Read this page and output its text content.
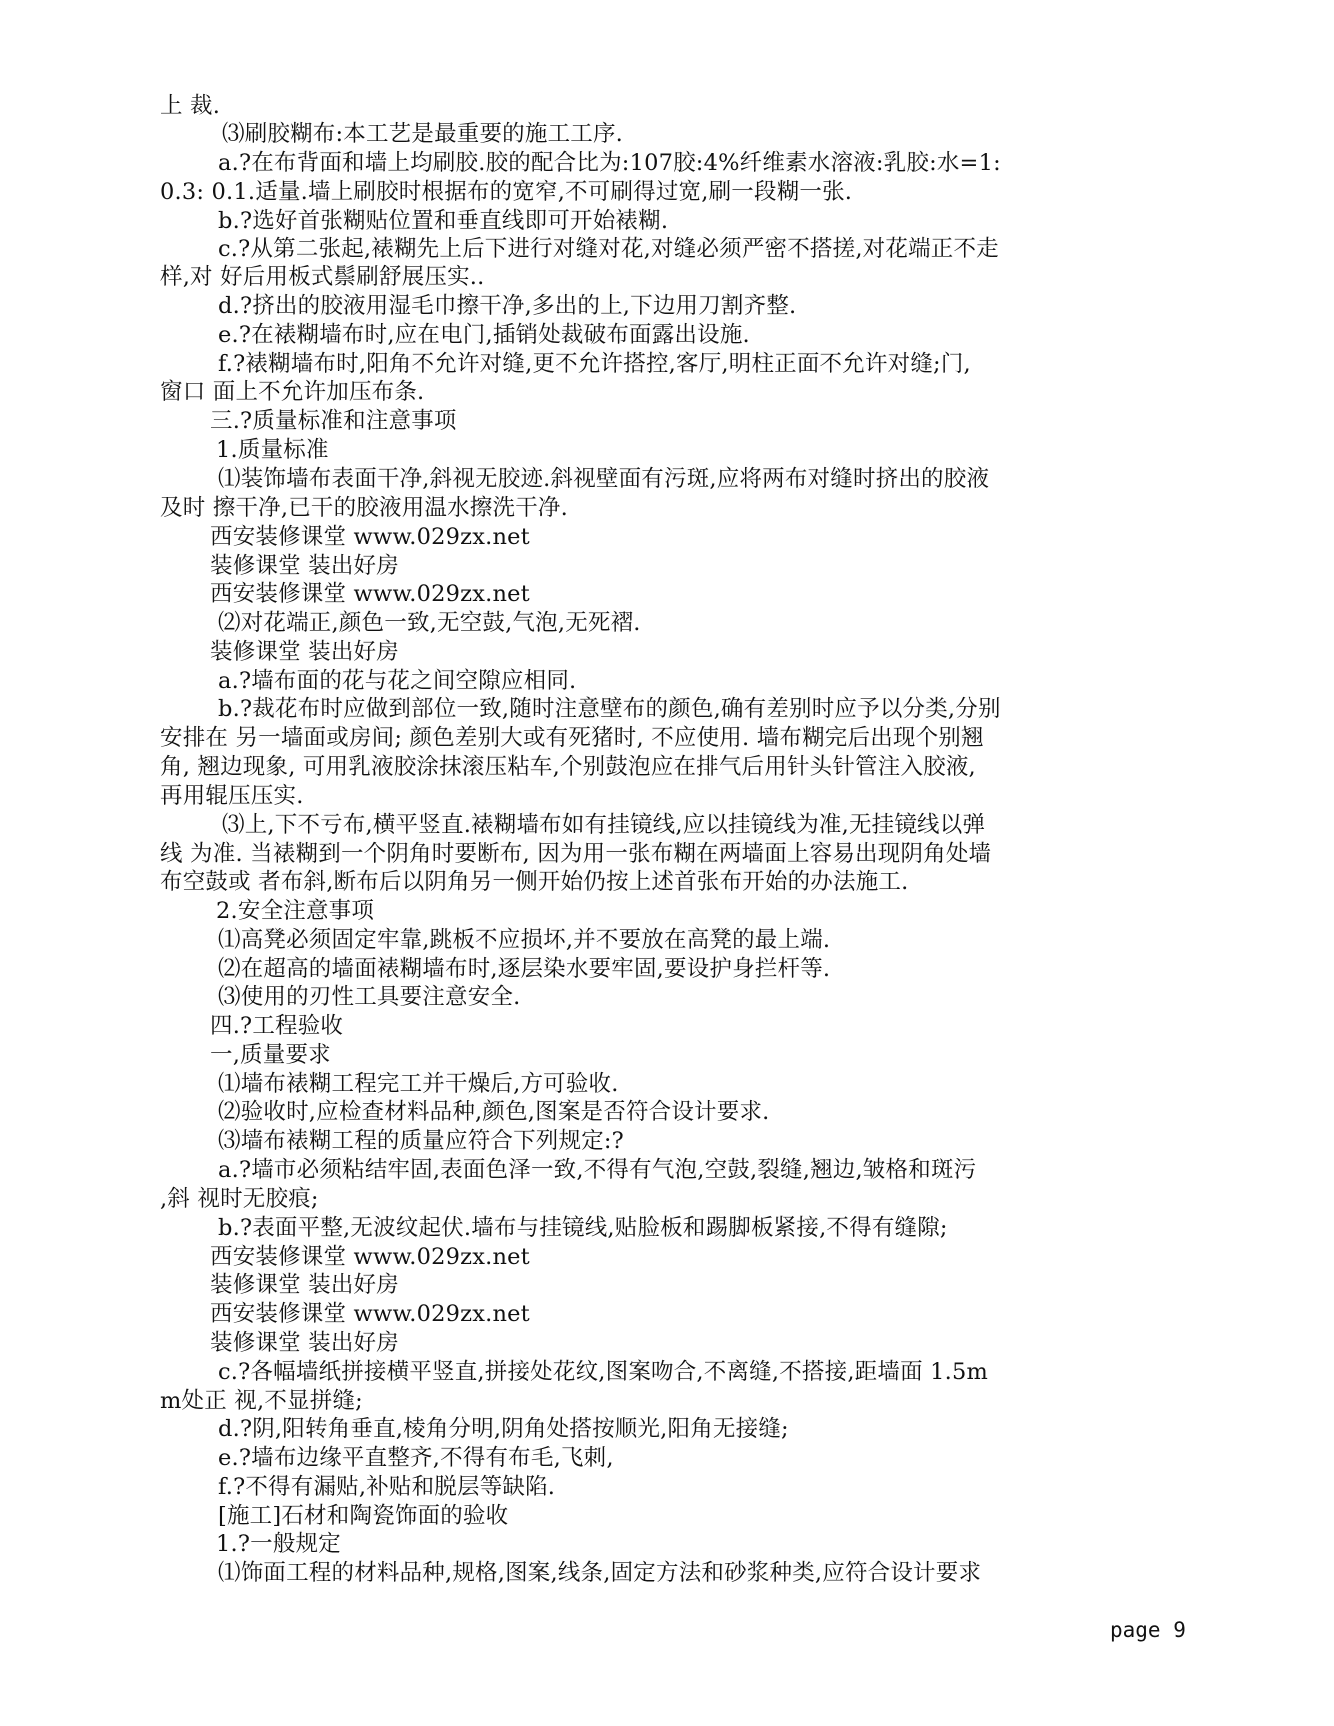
上 裁.
⑶刷胶糊布:本工艺是最重要的施工工序.
a.?在布背面和墙上均刷胶.胶的配合比为:107胶:4%纤维素水溶液:乳胶:水=1:
0.3: 0.1.适量.墙上刷胶时根据布的宽窄,不可刷得过宽,刷一段糊一张.
b.?选好首张糊贴位置和垂直线即可开始裱糊.
c.?从第二张起,裱糊先上后下进行对缝对花,对缝必须严密不搭搓,对花端正不走
样,对 好后用板式鬃刷舒展压实..
d.?挤出的胶液用湿毛巾擦干净,多出的上,下边用刀割齐整.
e.?在裱糊墙布时,应在电门,插销处裁破布面露出设施.
f.?裱糊墙布时,阳角不允许对缝,更不允许搭控,客厅,明柱正面不允许对缝;门,
窗口 面上不允许加压布条.
三.?质量标准和注意事项
1.质量标准
⑴装饰墙布表面干净,斜视无胶迹.斜视壁面有污斑,应将两布对缝时挤出的胶液
及时 擦干净,已干的胶液用温水擦洗干净.
西安装修课堂 www.029zx.net
装修课堂 装出好房
西安装修课堂 www.029zx.net
⑵对花端正,颜色一致,无空鼓,气泡,无死褶.
装修课堂 装出好房
a.?墙布面的花与花之间空隙应相同.
b.?裁花布时应做到部位一致,随时注意壁布的颜色,确有差别时应予以分类,分别
安排在 另一墙面或房间; 颜色差别大或有死猪时, 不应使用. 墙布糊完后出现个别翘
角, 翘边现象, 可用乳液胶涂抹滚压粘车,个别鼓泡应在排气后用针头针管注入胶液,
再用辊压压实.
⑶上,下不亏布,横平竖直.裱糊墙布如有挂镜线,应以挂镜线为准,无挂镜线以弹
线 为准. 当裱糊到一个阴角时要断布, 因为用一张布糊在两墙面上容易出现阴角处墙
布空鼓或 者布斜,断布后以阴角另一侧开始仍按上述首张布开始的办法施工.
2.安全注意事项
⑴高凳必须固定牢靠,跳板不应损坏,并不要放在高凳的最上端.
⑵在超高的墙面裱糊墙布时,逐层染水要牢固,要设护身拦杆等.
⑶使用的刃性工具要注意安全.
四.?工程验收
一,质量要求
⑴墙布裱糊工程完工并干燥后,方可验收.
⑵验收时,应检查材料品种,颜色,图案是否符合设计要求.
⑶墙布裱糊工程的质量应符合下列规定:?
a.?墙市必须粘结牢固,表面色泽一致,不得有气泡,空鼓,裂缝,翘边,皱格和斑污
,斜 视时无胶痕;
b.?表面平整,无波纹起伏.墙布与挂镜线,贴脸板和踢脚板紧接,不得有缝隙;
西安装修课堂 www.029zx.net
装修课堂 装出好房
西安装修课堂 www.029zx.net
装修课堂 装出好房
c.?各幅墙纸拼接横平竖直,拼接处花纹,图案吻合,不离缝,不搭接,距墙面 1.5m
m处正 视,不显拼缝;
d.?阴,阳转角垂直,棱角分明,阴角处搭按顺光,阳角无接缝;
e.?墙布边缘平直整齐,不得有布毛,飞刺,
f.?不得有漏贴,补贴和脱层等缺陷.
[施工]石材和陶瓷饰面的验收
1.?一般规定
⑴饰面工程的材料品种,规格,图案,线条,固定方法和砂浆种类,应符合设计要求
page 9
